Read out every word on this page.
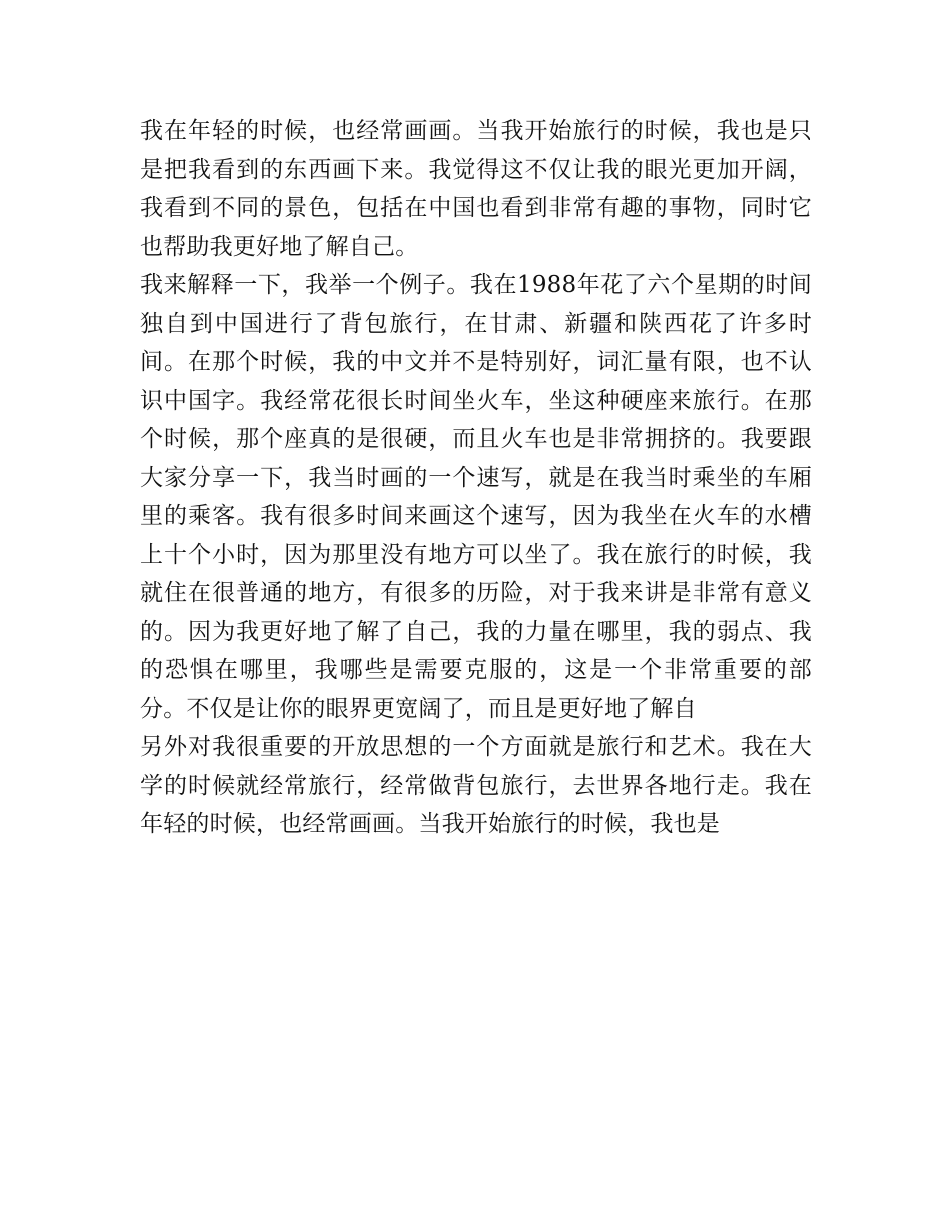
我在年轻的时候，也经常画画。当我开始旅行的时候，我也是只是把我看到的东西画下来。我觉得这不仅让我的眼光更加开阔，我看到不同的景色，包括在中国也看到非常有趣的事物，同时它也帮助我更好地了解自己。

我来解释一下，我举一个例子。我在1988年花了六个星期的时间独自到中国进行了背包旅行，在甘肃、新疆和陕西花了许多时间。在那个时候，我的中文并不是特别好，词汇量有限，也不认识中国字。我经常花很长时间坐火车，坐这种硬座来旅行。在那个时候，那个座真的是很硬，而且火车也是非常拥挤的。我要跟大家分享一下，我当时画的一个速写，就是在我当时乘坐的车厢里的乘客。我有很多时间来画这个速写，因为我坐在火车的水槽上十个小时，因为那里没有地方可以坐了。我在旅行的时候，我就住在很普通的地方，有很多的历险，对于我来讲是非常有意义的。因为我更好地了解了自己，我的力量在哪里，我的弱点、我的恐惧在哪里，我哪些是需要克服的，这是一个非常重要的部分。不仅是让你的眼界更宽阔了，而且是更好地了解自

另外对我很重要的开放思想的一个方面就是旅行和艺术。我在大学的时候就经常旅行，经常做背包旅行，去世界各地行走。我在年轻的时候，也经常画画。当我开始旅行的时候，我也是
